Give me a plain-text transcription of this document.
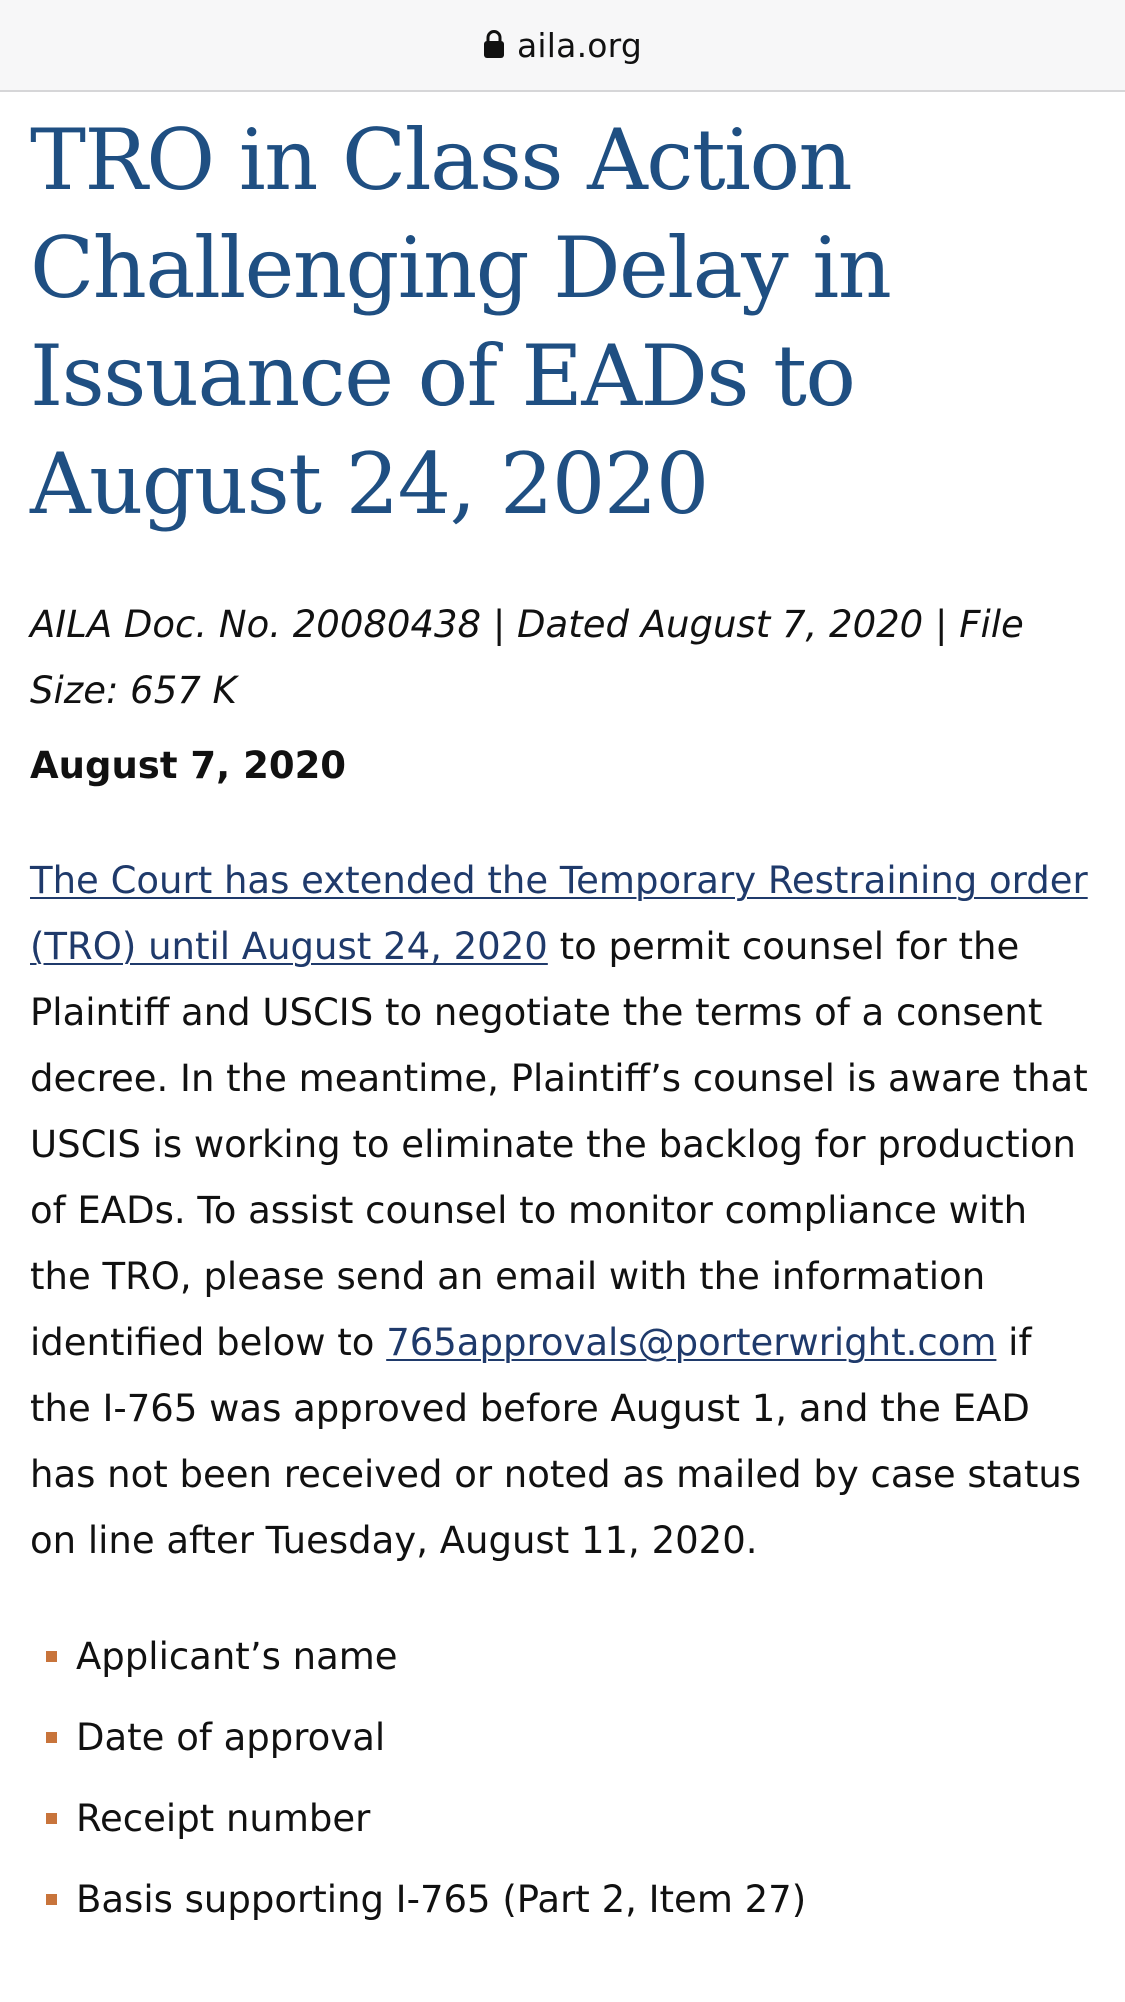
aila.org
TRO in Class Action Challenging Delay in Issuance of EADs to August 24, 2020
AILA Doc. No. 20080438 | Dated August 7, 2020 | File Size: 657 K
August 7, 2020

The Court has extended the Temporary Restraining order (TRO) until August 24, 2020 to permit counsel for the Plaintiff and USCIS to negotiate the terms of a consent decree. In the meantime, Plaintiff’s counsel is aware that USCIS is working to eliminate the backlog for production of EADs. To assist counsel to monitor compliance with the TRO, please send an email with the information identified below to 765approvals@porterwright.com if the I-765 was approved before August 1, and the EAD has not been received or noted as mailed by case status on line after Tuesday, August 11, 2020.

Applicant’s name
Date of approval
Receipt number
Basis supporting I-765 (Part 2, Item 27)
